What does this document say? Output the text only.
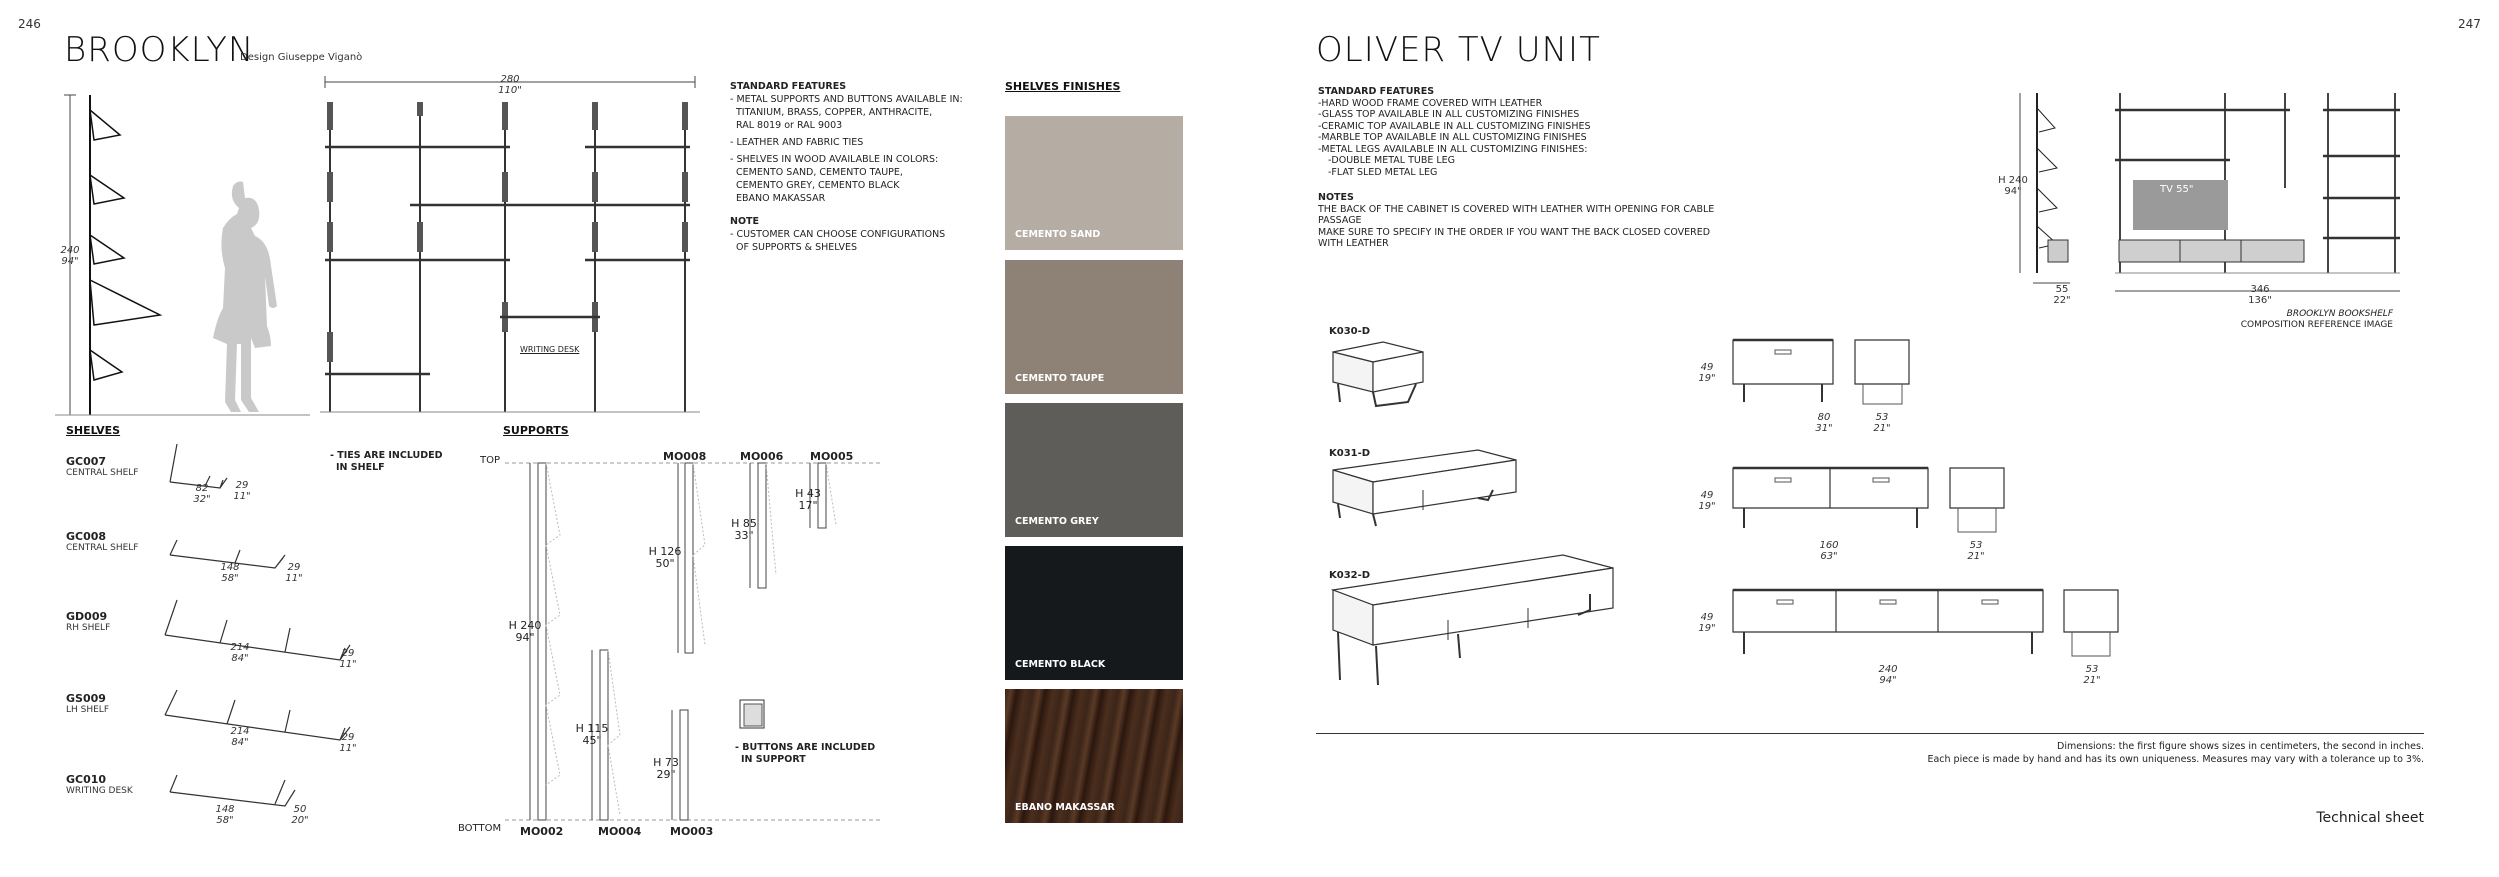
246
BROOKLYN
Design Giuseppe Viganò
240
94"
280
110"
WRITING DESK
STANDARD FEATURES
- METAL SUPPORTS AND BUTTONS AVAILABLE IN:
TITANIUM, BRASS, COPPER, ANTHRACITE,
RAL 8019 or RAL 9003
- LEATHER AND FABRIC TIES
- SHELVES IN WOOD AVAILABLE IN COLORS:
CEMENTO SAND, CEMENTO TAUPE,
CEMENTO GREY, CEMENTO BLACK
EBANO MAKASSAR
NOTE
- CUSTOMER CAN CHOOSE CONFIGURATIONS
OF SUPPORTS & SHELVES
SHELVES
- TIES ARE INCLUDED
IN SHELF
GC007
CENTRAL SHELF
GC008
CENTRAL SHELF
GD009
RH SHELF
GS009
LH SHELF
GC010
WRITING DESK
82
32"
29
11"
148
58"
29
11"
214
84"	29
11"
214
84"	29
11"
148
58"
50
20"
SUPPORTS
TOP
BOTTOM
MO008	MO006 MO005
MO002	MO004	MO003
H 240
94"
H 126
50"
H 85
33"
H 43
17"
H 115
45"
H 73
29"
- BUTTONS ARE INCLUDED
IN SUPPORT
SHELVES FINISHES
CEMENTO SAND
CEMENTO TAUPE
CEMENTO GREY
CEMENTO BLACK
EBANO MAKASSAR
247
OLIVER TV UNIT
STANDARD FEATURES
-HARD WOOD FRAME COVERED WITH LEATHER
-GLASS TOP AVAILABLE IN ALL CUSTOMIZING FINISHES
-CERAMIC TOP AVAILABLE IN ALL CUSTOMIZING FINISHES
-MARBLE TOP AVAILABLE IN ALL CUSTOMIZING FINISHES
-METAL LEGS AVAILABLE IN ALL CUSTOMIZING FINISHES:
-DOUBLE METAL TUBE LEG
-FLAT SLED METAL LEG
NOTES
THE BACK OF THE CABINET IS COVERED WITH LEATHER WITH OPENING FOR CABLE PASSAGE
MAKE SURE TO SPECIFY IN THE ORDER IF YOU WANT THE BACK CLOSED COVERED WITH LEATHER
TV 55"
H 240
94"
55
22"
346
136"
BROOKLYN BOOKSHELF
COMPOSITION REFERENCE IMAGE
K030-D
K031-D
K032-D
49
19"
80
31"
53
21"
49
19"
160
63"
53
21"
49
19"
240
94"
53
21"
Dimensions: the first figure shows sizes in centimeters, the second in inches.
Each piece is made by hand and has its own uniqueness. Measures may vary with a tolerance up to 3%.
Technical sheet
